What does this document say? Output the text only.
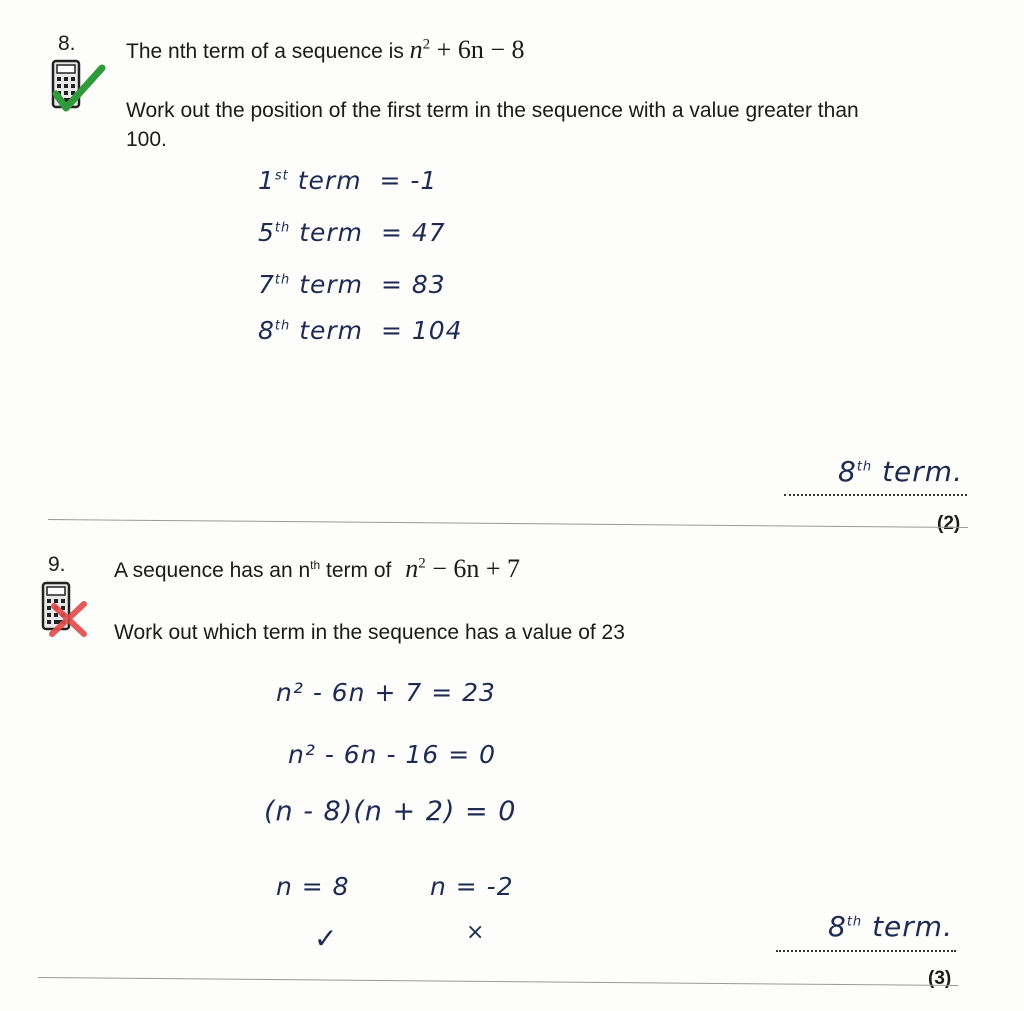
8. The nth term of a sequence is $n^2 + 6n - 8$
Work out the position of the first term in the sequence with a value greater than
100.
1st term = -1
5th term = 47
7th term = 83
8th term = 104
8th term.
(2)
9. A sequence has an $n^{th}$ term of $n^2 - 6n + 7$
Work out which term in the sequence has a value of 23
n² - 6n + 7 = 23
n² - 6n - 16 = 0
(n - 8)(n + 2) = 0
n = 8	n = -2
✓	×	8th term.
(3)
